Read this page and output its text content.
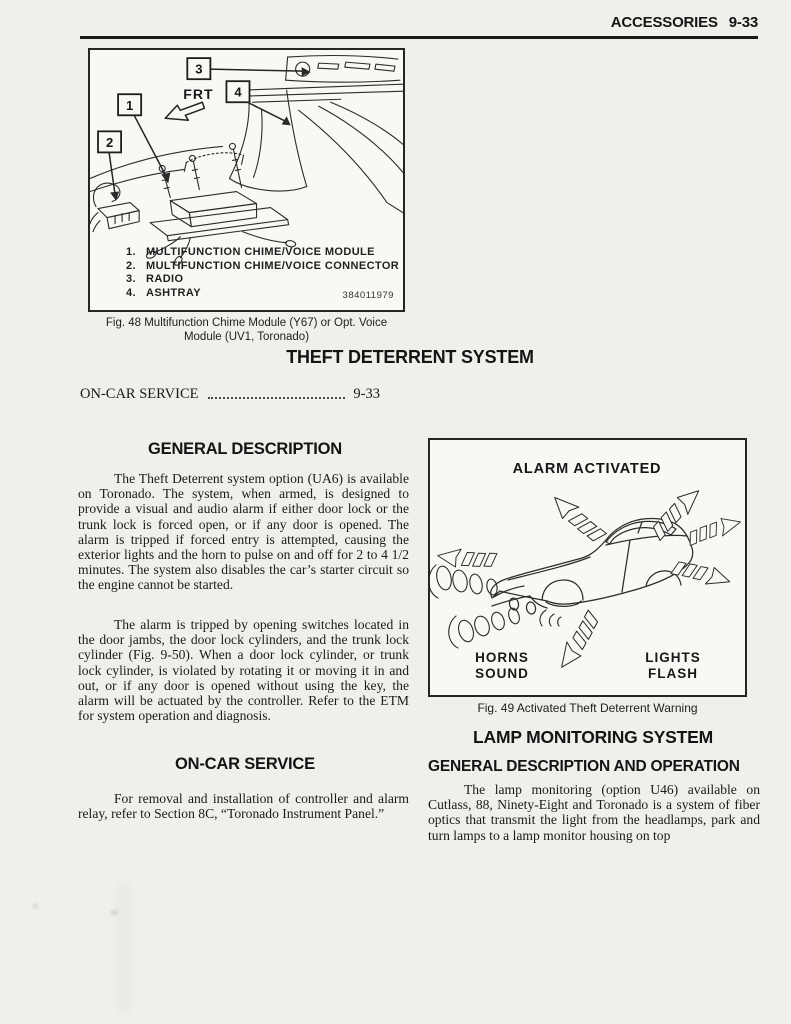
ACCESSORIES 9-33
FRT
1
2
3
4
384011979
1. MULTIFUNCTION CHIME/VOICE MODULE
2. MULTIFUNCTION CHIME/VOICE CONNECTOR
3. RADIO
4. ASHTRAY
Fig. 48 Multifunction Chime Module (Y67) or Opt. Voice
Module (UV1, Toronado)
THEFT DETERRENT SYSTEM
ON-CAR SERVICE	9-33
GENERAL DESCRIPTION
The Theft Deterrent system option (UA6) is available on Toronado. The system, when armed, is designed to provide a visual and audio alarm if either door lock or the trunk lock is forced open, or if any door is opened. The alarm is tripped if forced entry is attempted, causing the exterior lights and the horn to pulse on and off for 2 to 4 1/2 minutes. The system also disables the car’s starter circuit so the engine cannot be started.
The alarm is tripped by opening switches located in the door jambs, the door lock cylinders, and the trunk lock cylinder (Fig. 9-50). When a door lock cylinder, or trunk lock cylinder, is violated by rotating it or moving it in and out, or if any door is opened without using the key, the alarm will be actuated by the controller. Refer to the ETM for system operation and diagnosis.
ON-CAR SERVICE
For removal and installation of controller and alarm relay, refer to Section 8C, “Toronado Instrument Panel.”
ALARM ACTIVATED
HORNS
SOUND
LIGHTS
FLASH
Fig. 49 Activated Theft Deterrent Warning
LAMP MONITORING SYSTEM
GENERAL DESCRIPTION AND OPERATION
The lamp monitoring (option U46) available on Cutlass, 88, Ninety-Eight and Toronado is a system of fiber optics that transmit the light from the headlamps, park and turn lamps to a lamp monitor housing on top
